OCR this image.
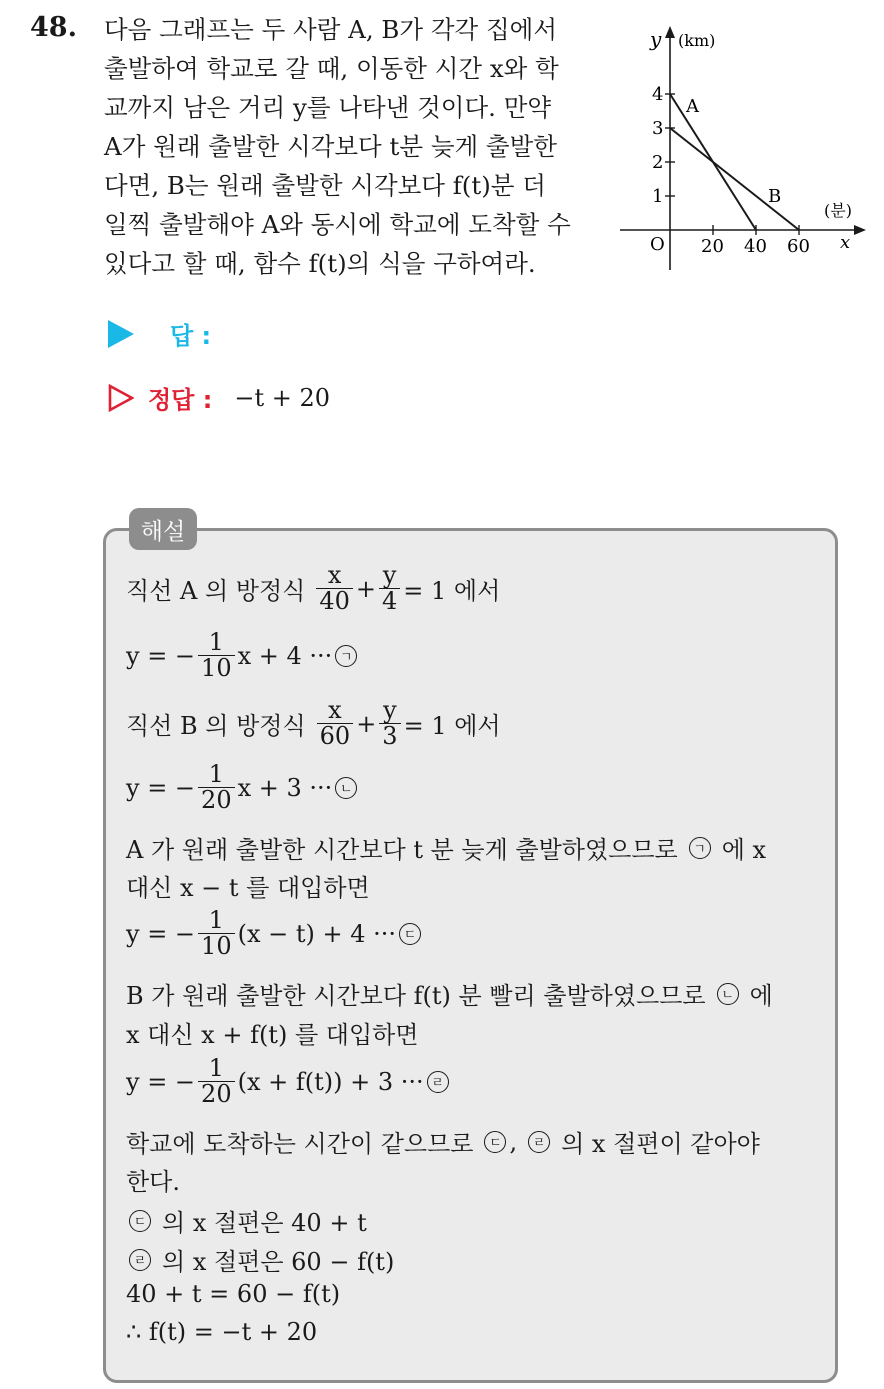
48. 다음 그래프는 두 사람 A, B가 각각 집에서
출발하여 학교로 갈 때, 이동한 시간 x와 학
교까지 남은 거리 y를 나타낸 것이다. 만약
A가 원래 출발한 시각보다 t분 늦게 출발한
다면, B는 원래 출발한 시각보다 f(t)분 더
일찍 출발해야 A와 동시에 학교에 도착할 수
있다고 할 때, 함수 f(t)의 식을 구하여라.
y (km)
x
(분)
O 20 40 60
1
2
3
4
A
B
답 :
정답 : −t + 20
해설
직선 A 의 방정식 $\frac{x}{40} + \frac{y}{4} = 1$ 에서
y = − $\frac{1}{10}$ x + 4 ··· ㄱ
직선 B 의 방정식 $\frac{x}{60} + \frac{y}{3} = 1$ 에서
y = − $\frac{1}{20}$ x + 3 ··· ㄴ
A 가 원래 출발한 시간보다 t 분 늦게 출발하였으므로	ㄱ 에 x
대신 x − t 를 대입하면
y = − $\frac{1}{10} (x - t) + 4$ ··· ㄷ
B 가 원래 출발한 시간보다 f(t) 분 빨리 출발하였으므로	ㄴ 에
x 대신 x + f(t) 를 대입하면
y = − $\frac{1}{20} (x + f(t)) + 3$ ··· ㄹ
학교에 도착하는 시간이 같으므로	ㄷ ,	ㄹ 의 x 절편이 같아야
한다.
ㄷ 의 x 절편은 40 + t
ㄹ 의 x 절편은 60 − f(t)
40 + t = 60 − f(t)
∴ f(t) = −t + 20
